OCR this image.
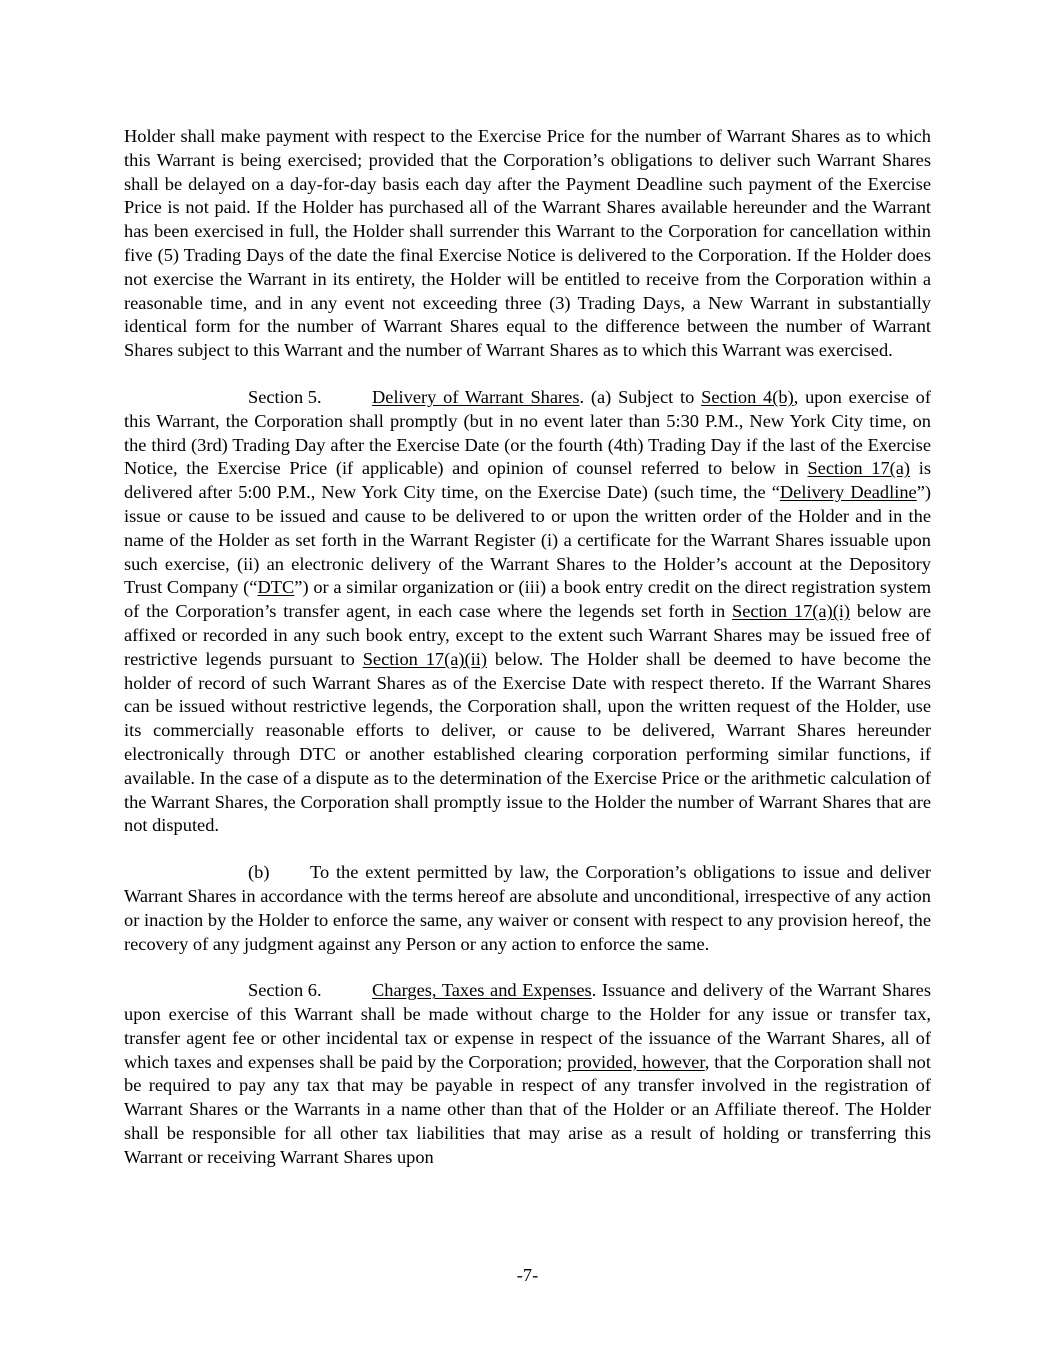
Holder shall make payment with respect to the Exercise Price for the number of Warrant Shares as to which this Warrant is being exercised; provided that the Corporation’s obligations to deliver such Warrant Shares shall be delayed on a day-for-day basis each day after the Payment Deadline such payment of the Exercise Price is not paid. If the Holder has purchased all of the Warrant Shares available hereunder and the Warrant has been exercised in full, the Holder shall surrender this Warrant to the Corporation for cancellation within five (5) Trading Days of the date the final Exercise Notice is delivered to the Corporation. If the Holder does not exercise the Warrant in its entirety, the Holder will be entitled to receive from the Corporation within a reasonable time, and in any event not exceeding three (3) Trading Days, a New Warrant in substantially identical form for the number of Warrant Shares equal to the difference between the number of Warrant Shares subject to this Warrant and the number of Warrant Shares as to which this Warrant was exercised.

Section 5.	Delivery of Warrant Shares. (a) Subject to Section 4(b), upon exercise of this Warrant, the Corporation shall promptly (but in no event later than 5:30 P.M., New York City time, on the third (3rd) Trading Day after the Exercise Date (or the fourth (4th) Trading Day if the last of the Exercise Notice, the Exercise Price (if applicable) and opinion of counsel referred to below in Section 17(a) is delivered after 5:00 P.M., New York City time, on the Exercise Date) (such time, the “Delivery Deadline”) issue or cause to be issued and cause to be delivered to or upon the written order of the Holder and in the name of the Holder as set forth in the Warrant Register (i) a certificate for the Warrant Shares issuable upon such exercise, (ii) an electronic delivery of the Warrant Shares to the Holder’s account at the Depository Trust Company (“DTC”) or a similar organization or (iii) a book entry credit on the direct registration system of the Corporation’s transfer agent, in each case where the legends set forth in Section 17(a)(i) below are affixed or recorded in any such book entry, except to the extent such Warrant Shares may be issued free of restrictive legends pursuant to Section 17(a)(ii) below. The Holder shall be deemed to have become the holder of record of such Warrant Shares as of the Exercise Date with respect thereto. If the Warrant Shares can be issued without restrictive legends, the Corporation shall, upon the written request of the Holder, use its commercially reasonable efforts to deliver, or cause to be delivered, Warrant Shares hereunder electronically through DTC or another established clearing corporation performing similar functions, if available. In the case of a dispute as to the determination of the Exercise Price or the arithmetic calculation of the Warrant Shares, the Corporation shall promptly issue to the Holder the number of Warrant Shares that are not disputed.

(b) To the extent permitted by law, the Corporation’s obligations to issue and deliver Warrant Shares in accordance with the terms hereof are absolute and unconditional, irrespective of any action or inaction by the Holder to enforce the same, any waiver or consent with respect to any provision hereof, the recovery of any judgment against any Person or any action to enforce the same.

Section 6.	Charges, Taxes and Expenses. Issuance and delivery of the Warrant Shares upon exercise of this Warrant shall be made without charge to the Holder for any issue or transfer tax, transfer agent fee or other incidental tax or expense in respect of the issuance of the Warrant Shares, all of which taxes and expenses shall be paid by the Corporation; provided, however, that the Corporation shall not be required to pay any tax that may be payable in respect of any transfer involved in the registration of Warrant Shares or the Warrants in a name other than that of the Holder or an Affiliate thereof. The Holder shall be responsible for all other tax liabilities that may arise as a result of holding or transferring this Warrant or receiving Warrant Shares upon

-7-
